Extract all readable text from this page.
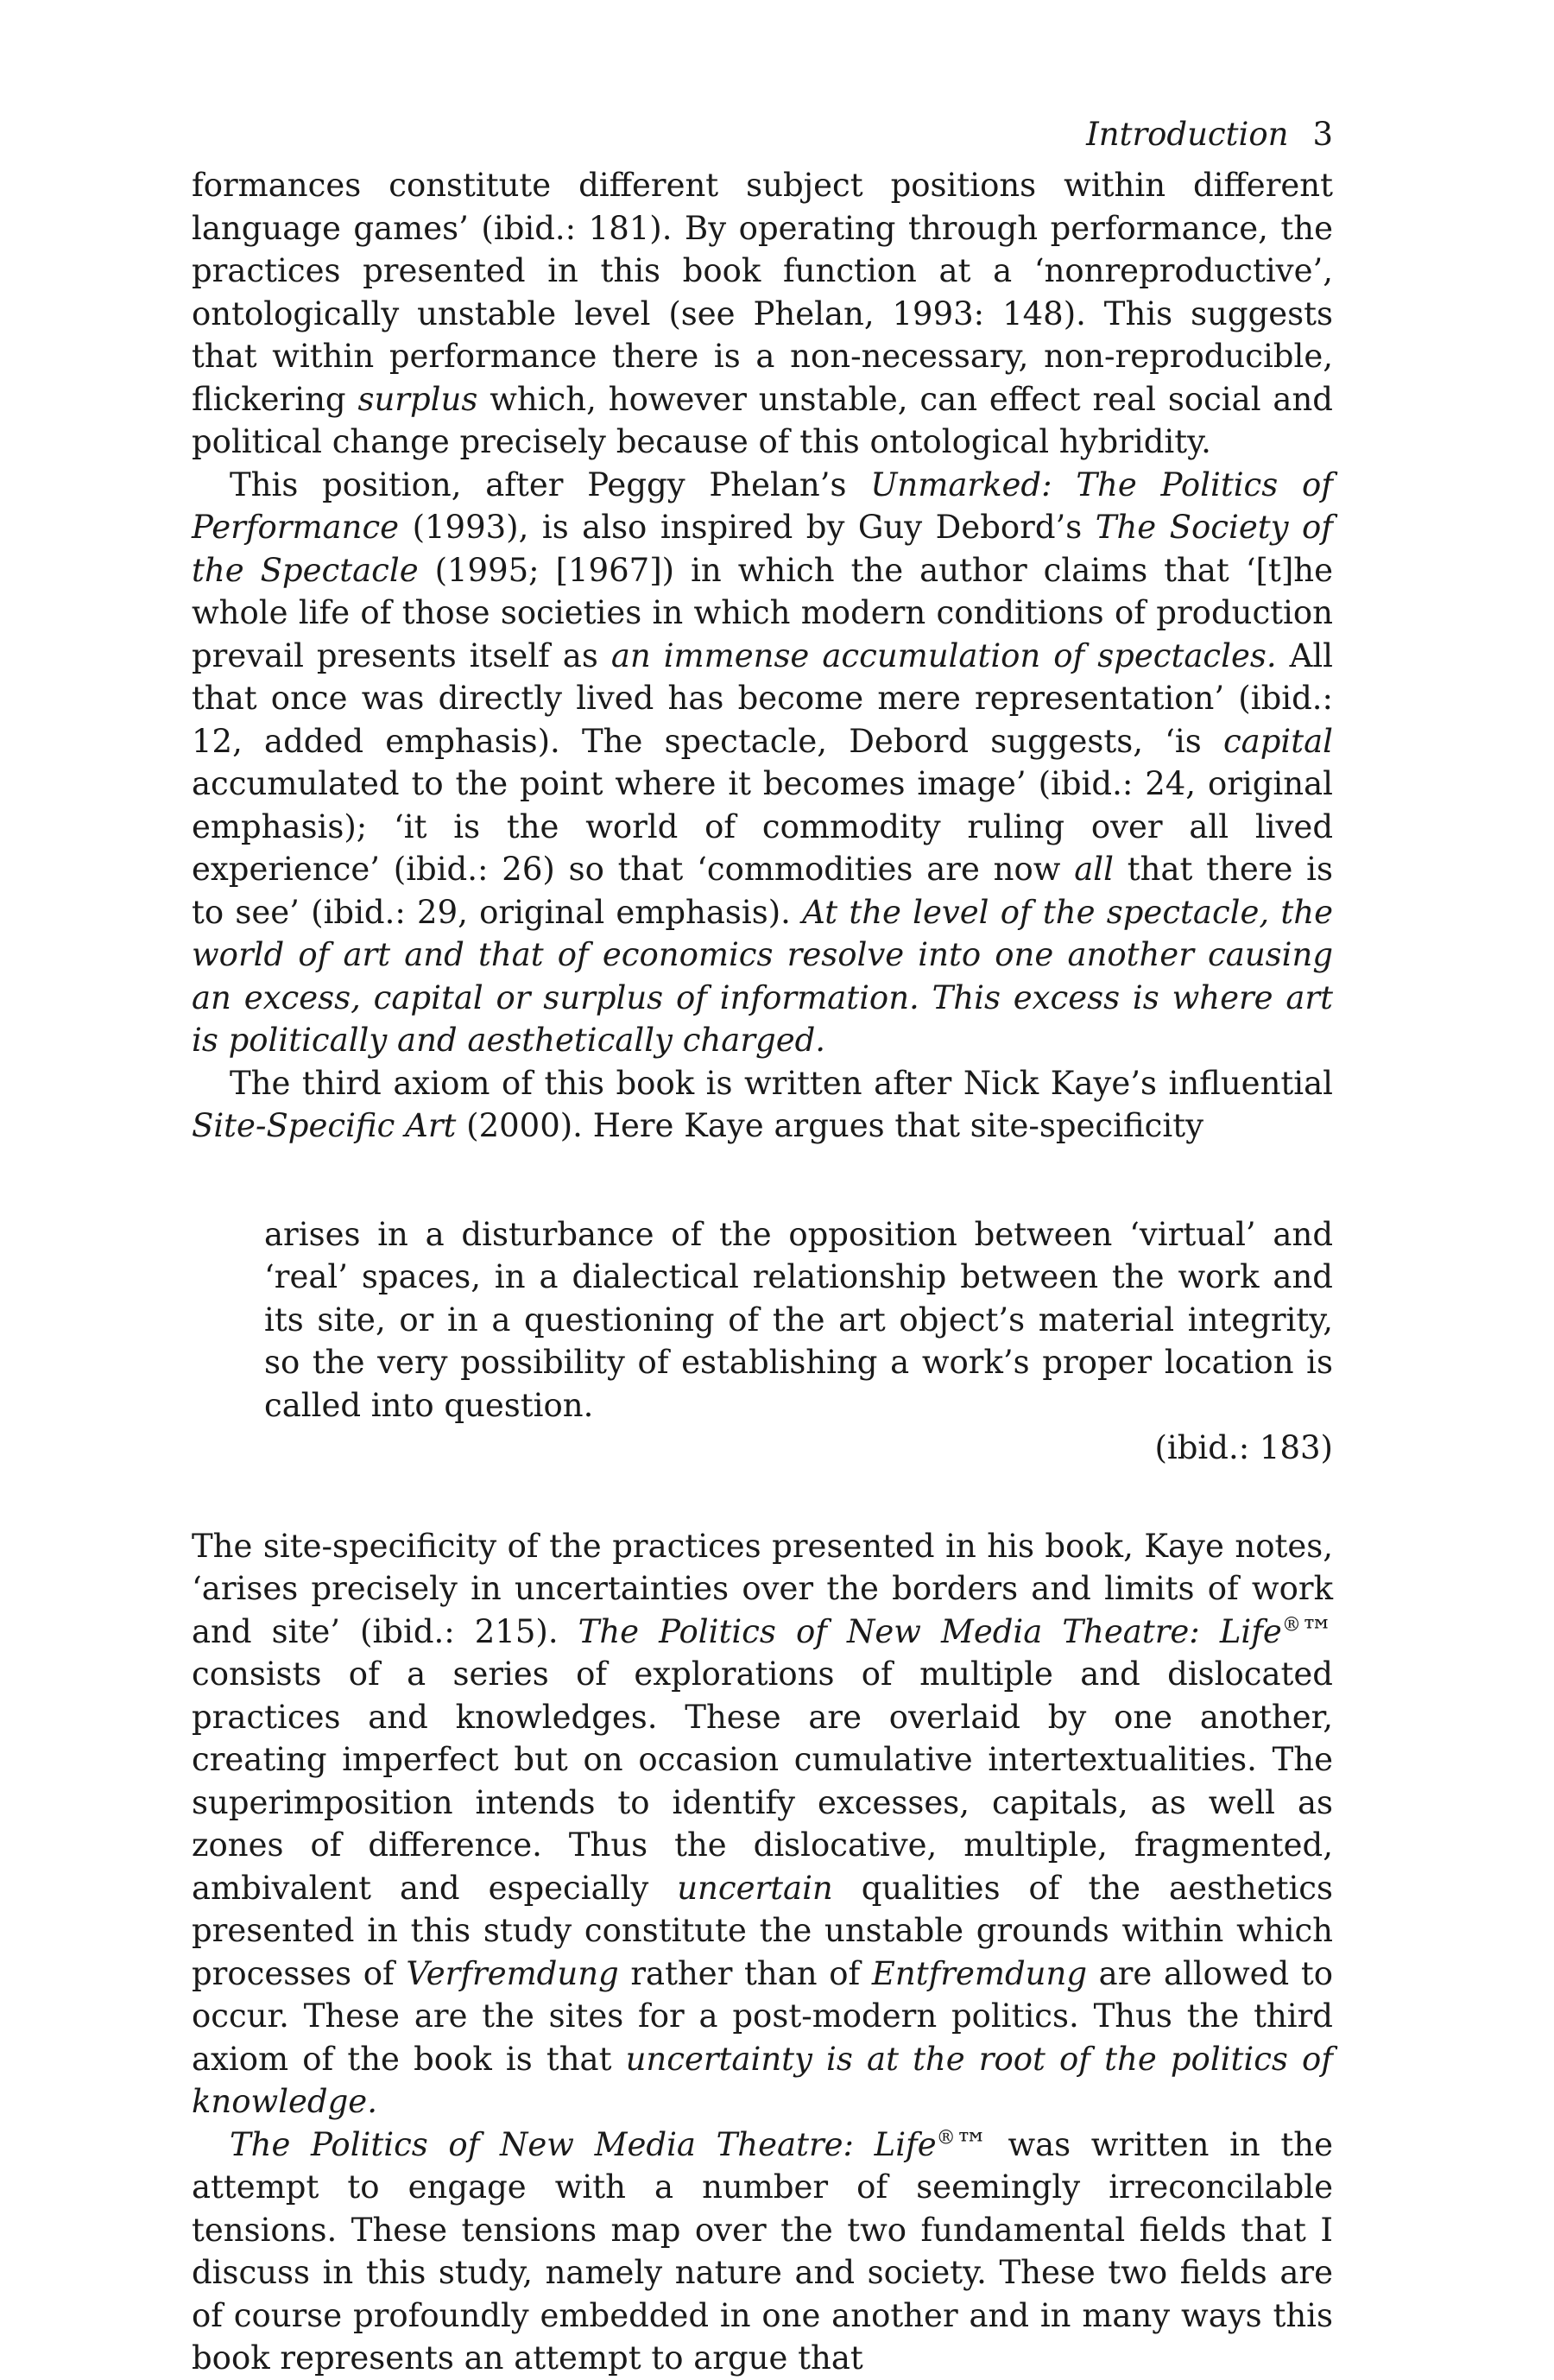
Introduction 3

formances constitute different subject positions within different language games’ (ibid.: 181). By operating through performance, the practices presented in this book function at a ‘nonreproductive’, ontologically unstable level (see Phelan, 1993: 148). This suggests that within performance there is a non-necessary, non-reproducible, flickering surplus which, however unstable, can effect real social and political change precisely because of this ontological hybridity.

This position, after Peggy Phelan’s Unmarked: The Politics of Performance (1993), is also inspired by Guy Debord’s The Society of the Spectacle (1995; [1967]) in which the author claims that ‘[t]he whole life of those societies in which modern conditions of production prevail presents itself as an immense accumulation of spectacles. All that once was directly lived has become mere representation’ (ibid.: 12, added emphasis). The spectacle, Debord suggests, ‘is capital accumulated to the point where it becomes image’ (ibid.: 24, original emphasis); ‘it is the world of commodity ruling over all lived experience’ (ibid.: 26) so that ‘commodities are now all that there is to see’ (ibid.: 29, original emphasis). At the level of the spectacle, the world of art and that of economics resolve into one another causing an excess, capital or surplus of information. This excess is where art is politically and aesthetically charged.

The third axiom of this book is written after Nick Kaye’s influential Site-Specific Art (2000). Here Kaye argues that site-specificity

arises in a disturbance of the opposition between ‘virtual’ and ‘real’ spaces, in a dialectical relationship between the work and its site, or in a questioning of the art object’s material integrity, so the very possibility of establishing a work’s proper location is called into question.

(ibid.: 183)

The site-specificity of the practices presented in his book, Kaye notes, ‘arises precisely in uncertainties over the borders and limits of work and site’ (ibid.: 215). The Politics of New Media Theatre: Life®™ consists of a series of explorations of multiple and dislocated practices and knowledges. These are overlaid by one another, creating imperfect but on occasion cumulative intertextualities. The superimposition intends to identify excesses, capitals, as well as zones of difference. Thus the dislocative, multiple, fragmented, ambivalent and especially uncertain qualities of the aesthetics presented in this study constitute the unstable grounds within which processes of Verfremdung rather than of Entfremdung are allowed to occur. These are the sites for a post-modern politics. Thus the third axiom of the book is that uncertainty is at the root of the politics of knowledge.

The Politics of New Media Theatre: Life®™ was written in the attempt to engage with a number of seemingly irreconcilable tensions. These tensions map over the two fundamental fields that I discuss in this study, namely nature and society. These two fields are of course profoundly embedded in one another and in many ways this book represents an attempt to argue that
